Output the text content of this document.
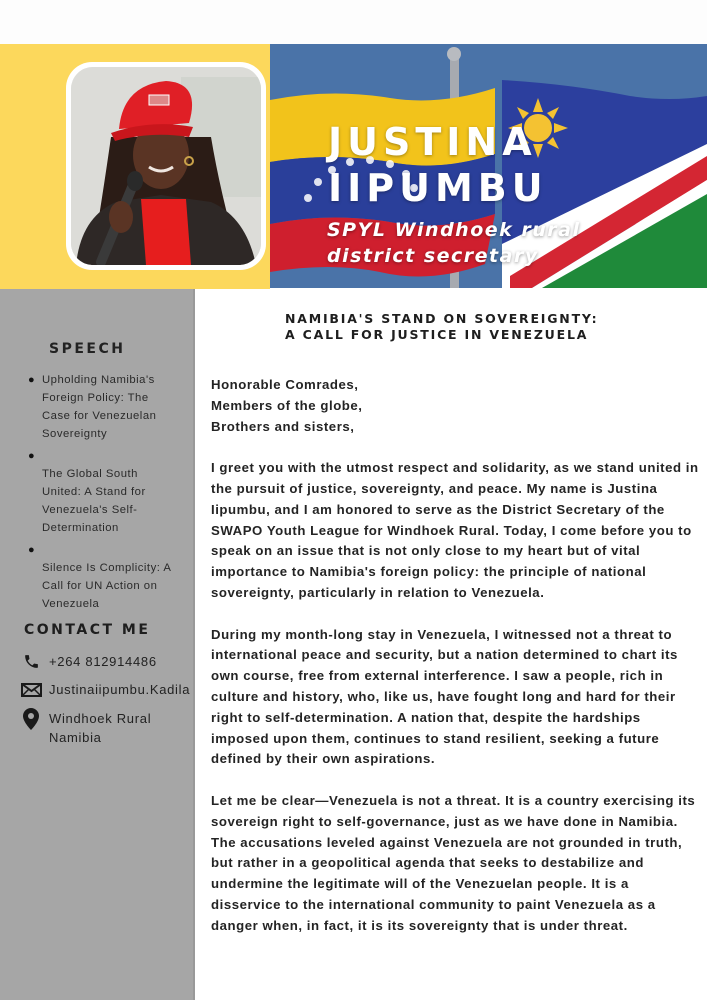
JUSTINA
IIPUMBU
SPYL Windhoek rural
district secretary
SPEECH
● Upholding Namibia's Foreign Policy: The Case for Venezuelan Sovereignty
●
The Global South United: A Stand for Venezuela's Self-Determination
●
Silence Is Complicity: A Call for UN Action on Venezuela
CONTACT ME
+264 812914486
Justinaiipumbu.Kadila
Windhoek Rural
Namibia
NAMIBIA'S STAND ON SOVEREIGNTY:
A CALL FOR JUSTICE IN VENEZUELA
Honorable Comrades,
Members of the globe,
Brothers and sisters,

I greet you with the utmost respect and solidarity, as we stand united in the pursuit of justice, sovereignty, and peace. My name is Justina Iipumbu, and I am honored to serve as the District Secretary of the SWAPO Youth League for Windhoek Rural. Today, I come before you to speak on an issue that is not only close to my heart but of vital importance to Namibia's foreign policy: the principle of national sovereignty, particularly in relation to Venezuela.

During my month-long stay in Venezuela, I witnessed not a threat to international peace and security, but a nation determined to chart its own course, free from external interference. I saw a people, rich in culture and history, who, like us, have fought long and hard for their right to self-determination. A nation that, despite the hardships imposed upon them, continues to stand resilient, seeking a future defined by their own aspirations.

Let me be clear—Venezuela is not a threat. It is a country exercising its sovereign right to self-governance, just as we have done in Namibia. The accusations leveled against Venezuela are not grounded in truth, but rather in a geopolitical agenda that seeks to destabilize and undermine the legitimate will of the Venezuelan people. It is a disservice to the international community to paint Venezuela as a danger when, in fact, it is its sovereignty that is under threat.
